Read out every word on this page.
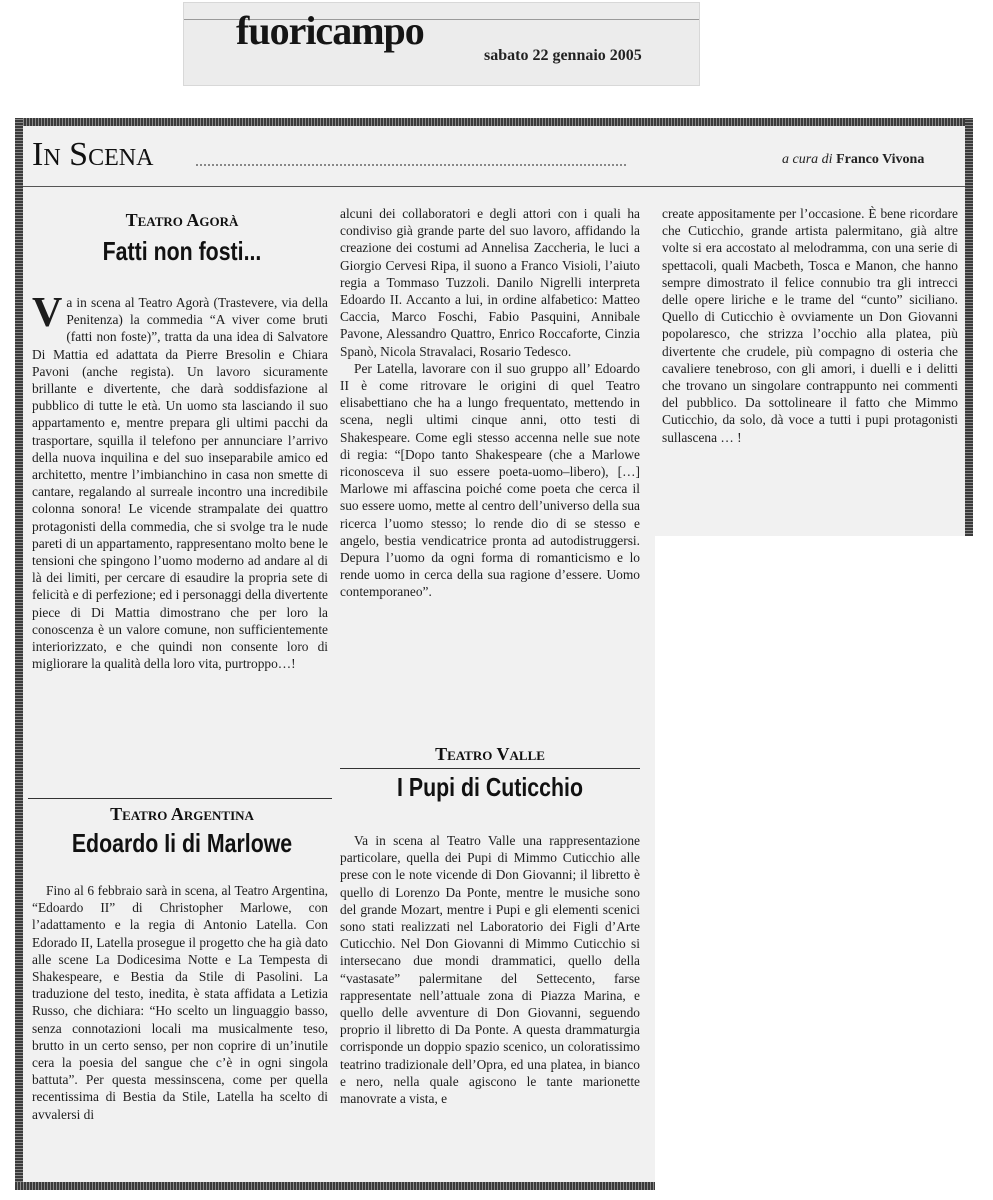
fuoricampo
sabato 22 gennaio 2005
In Scena	a cura di Franco Vivona
Teatro Agorà
Fatti non fosti...

Va in scena al Teatro Agorà (Trastevere, via della Penitenza) la commedia “A viver come bruti (fatti non foste)”, tratta da una idea di Salvatore Di Mattia ed adattata da Pierre Bresolin e Chiara Pavoni (anche regista). Un lavoro sicuramente brillante e divertente, che darà soddisfazione al pubblico di tutte le età. Un uomo sta lasciando il suo appartamento e, mentre prepara gli ultimi pacchi da trasportare, squilla il telefono per annunciare l’arrivo della nuova inquilina e del suo inseparabile amico ed architetto, mentre l’imbianchino in casa non smette di cantare, regalando al surreale incontro una incredibile colonna sonora! Le vicende strampalate dei quattro protagonisti della commedia, che si svolge tra le nude pareti di un appartamento, rappresentano molto bene le tensioni che spingono l’uomo moderno ad andare al di là dei limiti, per cercare di esaudire la propria sete di felicità e di perfezione; ed i personaggi della divertente piece di Di Mattia dimostrano che per loro la conoscenza è un valore comune, non sufficientemente interiorizzato, e che quindi non consente loro di migliorare la qualità della loro vita, purtroppo…!

Teatro Argentina
Edoardo Ii di Marlowe

Fino al 6 febbraio sarà in scena, al Teatro Argentina, “Edoardo II” di Christopher Marlowe, con l’adattamento e la regia di Antonio Latella. Con Edorado II, Latella prosegue il progetto che ha già dato alle scene La Dodicesima Notte e La Tempesta di Shakespeare, e Bestia da Stile di Pasolini. La traduzione del testo, inedita, è stata affidata a Letizia Russo, che dichiara: “Ho scelto un linguaggio basso, senza connotazioni locali ma musicalmente teso, brutto in un certo senso, per non coprire di un’inutile cera la poesia del sangue che c’è in ogni singola battuta”. Per questa messinscena, come per quella recentissima di Bestia da Stile, Latella ha scelto di avvalersi di

alcuni dei collaboratori e degli attori con i quali ha condiviso già grande parte del suo lavoro, affidando la creazione dei costumi ad Annelisa Zaccheria, le luci a Giorgio Cervesi Ripa, il suono a Franco Visioli, l’aiuto regia a Tommaso Tuzzoli. Danilo Nigrelli interpreta Edoardo II. Accanto a lui, in ordine alfabetico: Matteo Caccia, Marco Foschi, Fabio Pasquini, Annibale Pavone, Alessandro Quattro, Enrico Roccaforte, Cinzia Spanò, Nicola Stravalaci, Rosario Tedesco.

Per Latella, lavorare con il suo gruppo all’ Edoardo II è come ritrovare le origini di quel Teatro elisabettiano che ha a lungo frequentato, mettendo in scena, negli ultimi cinque anni, otto testi di Shakespeare. Come egli stesso accenna nelle sue note di regia: “[Dopo tanto Shakespeare (che a Marlowe riconosceva il suo essere poeta-uomo–libero), […] Marlowe mi affascina poiché come poeta che cerca il suo essere uomo, mette al centro dell’universo della sua ricerca l’uomo stesso; lo rende dio di se stesso e angelo, bestia vendicatrice pronta ad autodistruggersi. Depura l’uomo da ogni forma di romanticismo e lo rende uomo in cerca della sua ragione d’essere. Uomo contemporaneo”.

Teatro Valle
I Pupi di Cuticchio

Va in scena al Teatro Valle una rappresentazione particolare, quella dei Pupi di Mimmo Cuticchio alle prese con le note vicende di Don Giovanni; il libretto è quello di Lorenzo Da Ponte, mentre le musiche sono del grande Mozart, mentre i Pupi e gli elementi scenici sono stati realizzati nel Laboratorio dei Figli d’Arte Cuticchio. Nel Don Giovanni di Mimmo Cuticchio si intersecano due mondi drammatici, quello della “vastasate” palermitane del Settecento, farse rappresentate nell’attuale zona di Piazza Marina, e quello delle avventure di Don Giovanni, seguendo proprio il libretto di Da Ponte. A questa drammaturgia corrisponde un doppio spazio scenico, un coloratissimo teatrino tradizionale dell’Opra, ed una platea, in bianco e nero, nella quale agiscono le tante marionette manovrate a vista, e

create appositamente per l’occasione. È bene ricordare che Cuticchio, grande artista palermitano, già altre volte si era accostato al melodramma, con una serie di spettacoli, quali Macbeth, Tosca e Manon, che hanno sempre dimostrato il felice connubio tra gli intrecci delle opere liriche e le trame del “cunto” siciliano. Quello di Cuticchio è ovviamente un Don Giovanni popolaresco, che strizza l’occhio alla platea, più divertente che crudele, più compagno di osteria che cavaliere tenebroso, con gli amori, i duelli e i delitti che trovano un singolare contrappunto nei commenti del pubblico. Da sottolineare il fatto che Mimmo Cuticchio, da solo, dà voce a tutti i pupi protagonisti sullascena … !
